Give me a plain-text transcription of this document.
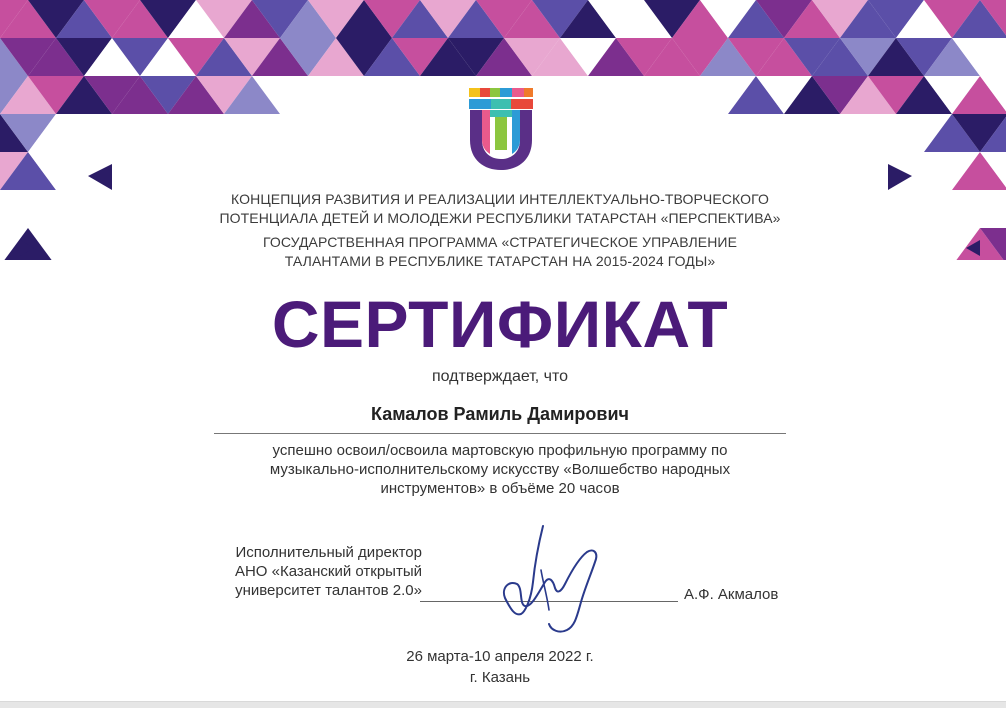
КОНЦЕПЦИЯ РАЗВИТИЯ И РЕАЛИЗАЦИИ ИНТЕЛЛЕКТУАЛЬНО-ТВОРЧЕСКОГО
ПОТЕНЦИАЛА ДЕТЕЙ И МОЛОДЕЖИ РЕСПУБЛИКИ ТАТАРСТАН «ПЕРСПЕКТИВА»
ГОСУДАРСТВЕННАЯ ПРОГРАММА «СТРАТЕГИЧЕСКОЕ УПРАВЛЕНИЕ
ТАЛАНТАМИ В РЕСПУБЛИКЕ ТАТАРСТАН НА 2015-2024 ГОДЫ»
СЕРТИФИКАТ
подтверждает, что
Камалов Рамиль Дамирович
успешно освоил/освоила мартовскую профильную программу по
музыкально-исполнительскому искусству «Волшебство народных
инструментов» в объёме 20 часов
Исполнительный директор
АНО «Казанский открытый
университет талантов 2.0»	А.Ф. Акмалов
26 марта-10 апреля 2022 г.
г. Казань
